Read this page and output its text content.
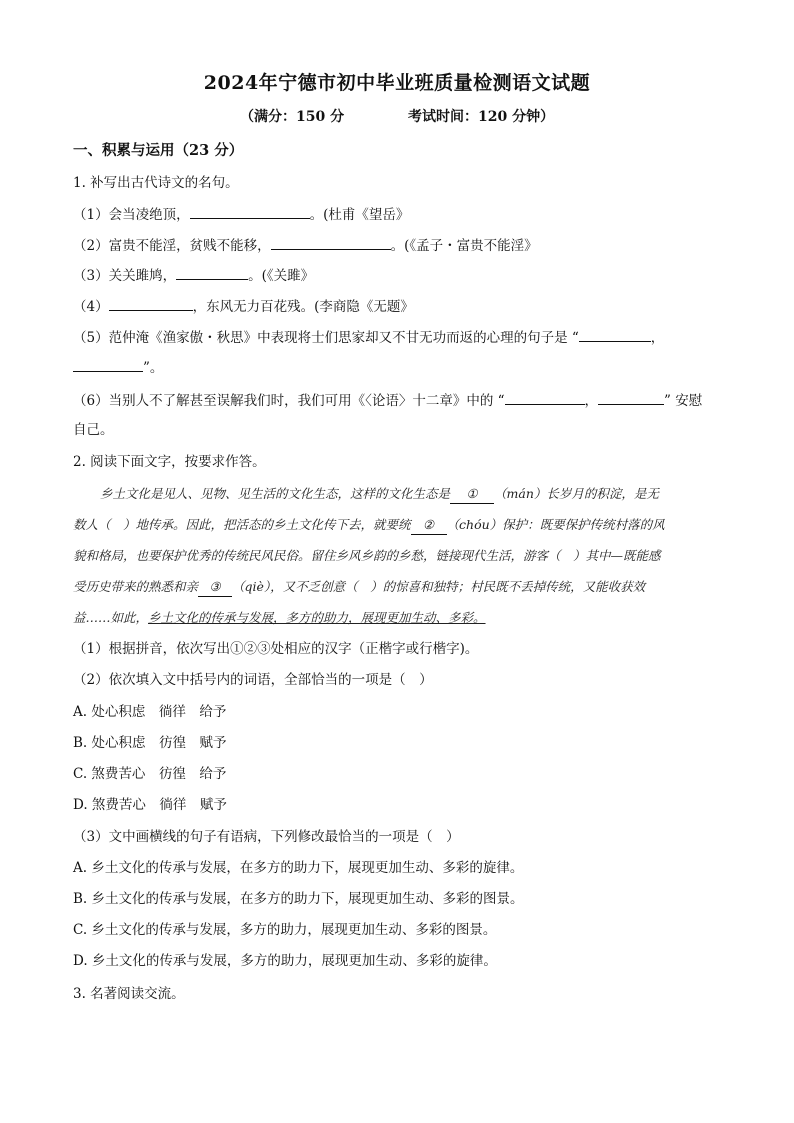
2024年宁德市初中毕业班质量检测语文试题
（满分：150 分	考试时间：120 分钟）
一、积累与运用（23 分）
1. 补写出古代诗文的名句。
（1）会当凌绝顶，	。(杜甫《望岳》
（2）富贵不能淫，贫贱不能移，	。(《孟子・富贵不能淫》
（3）关关雎鸠，	。(《关雎》
（4）	，东风无力百花残。(李商隐《无题》
（5）范仲淹《渔家傲・秋思》中表现将士们思家却又不甘无功而返的心理的句子是 “	，
”。
（6）当别人不了解甚至误解我们时，我们可用《〈论语〉十二章》中的 “	，	” 安慰
自己。
2. 阅读下面文字，按要求作答。
乡土文化是见人、见物、见生活的文化生态，这样的文化生态是 ① （mán）长岁月的积淀，是无
数人（　）地传承。因此，把活态的乡土文化传下去，就要统 ② （chóu）保护：既要保护传统村落的风
貌和格局，也要保护优秀的传统民风民俗。留住乡风乡韵的乡愁，链接现代生活，游客（　）其中—既能感
受历史带来的熟悉和亲 ③ （qiè），又不乏创意（　）的惊喜和独特；村民既不丢掉传统，又能收获效
益……如此，乡土文化的传承与发展，多方的助力，展现更加生动、多彩。
（1）根据拼音，依次写出①②③处相应的汉字（正楷字或行楷字)。
（2）依次填入文中括号内的词语，全部恰当的一项是（　）
A. 处心积虑　徜徉　给予
B. 处心积虑　彷徨　赋予
C. 煞费苦心　彷徨　给予
D. 煞费苦心　徜徉　赋予
（3）文中画横线的句子有语病，下列修改最恰当的一项是（　）
A. 乡土文化的传承与发展，在多方的助力下，展现更加生动、多彩的旋律。
B. 乡土文化的传承与发展，在多方的助力下，展现更加生动、多彩的图景。
C. 乡土文化的传承与发展，多方的助力，展现更加生动、多彩的图景。
D. 乡土文化的传承与发展，多方的助力，展现更加生动、多彩的旋律。
3. 名著阅读交流。
